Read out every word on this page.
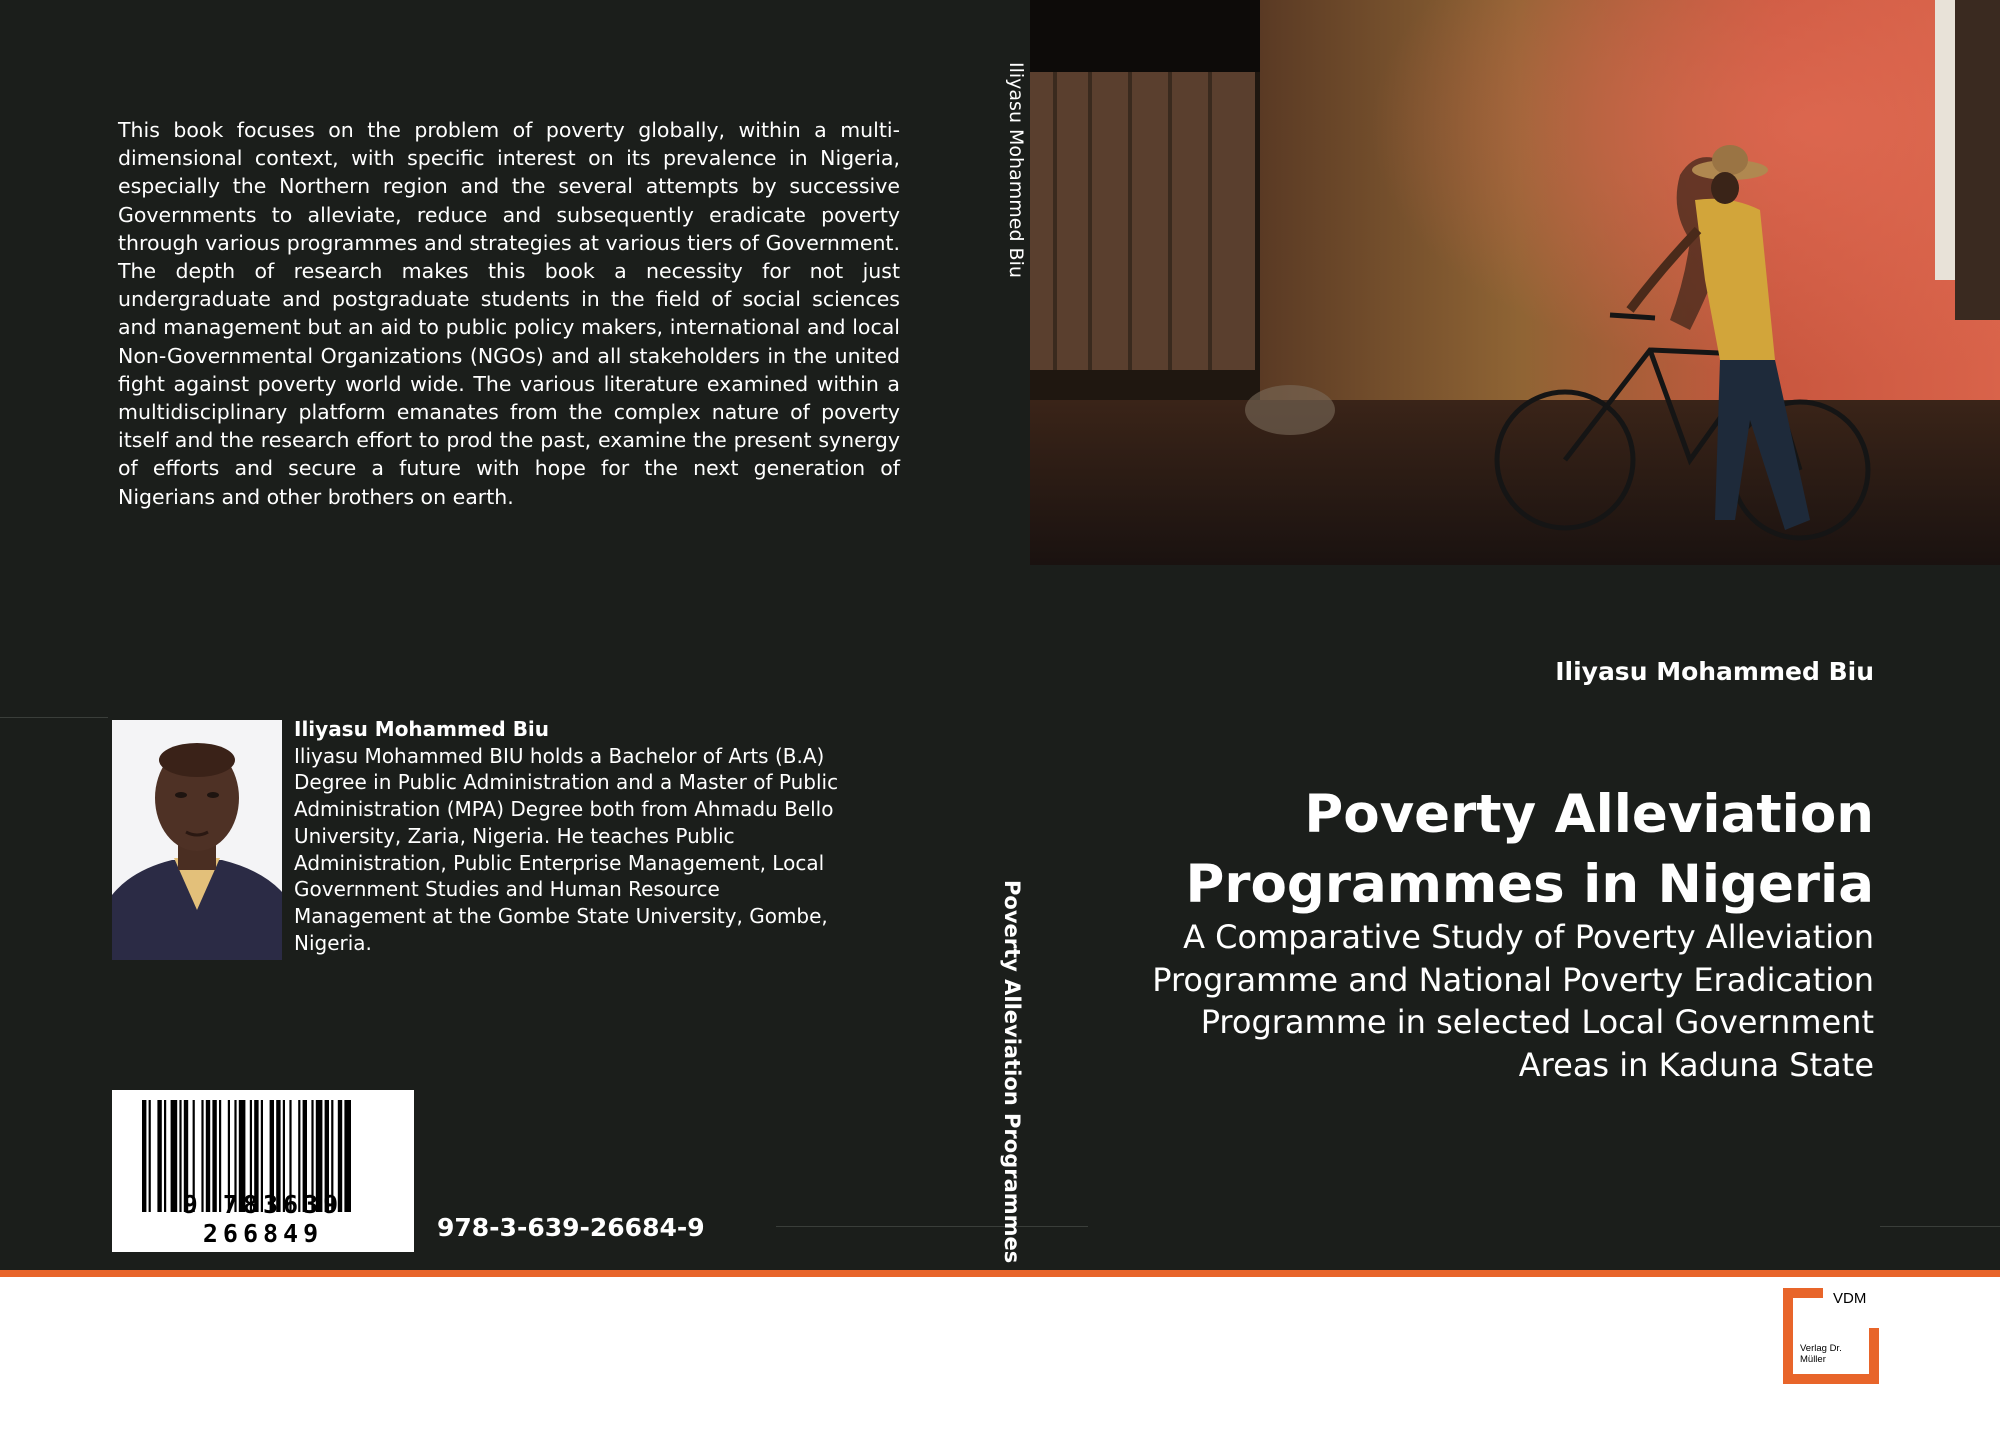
This book focuses on the problem of poverty globally, within a multi-dimensional context, with specific interest on its prevalence in Nigeria, especially the Northern region and the several attempts by successive Governments to alleviate, reduce and subsequently eradicate poverty through various programmes and strategies at various tiers of Government. The depth of research makes this book a necessity for not just undergraduate and postgraduate students in the field of social sciences and management but an aid to public policy makers, international and local Non-Governmental Organizations (NGOs) and all stakeholders in the united fight against poverty world wide. The various literature examined within a multidisciplinary platform emanates from the complex nature of poverty itself and the research effort to prod the past, examine the present synergy of efforts and secure a future with hope for the next generation of Nigerians and other brothers on earth.
Iliyasu Mohammed Biu
Iliyasu Mohammed BIU holds a Bachelor of Arts (B.A) Degree in Public Administration and a Master of Public Administration (MPA) Degree both from Ahmadu Bello University, Zaria, Nigeria. He teaches Public Administration, Public Enterprise Management, Local Government Studies and Human Resource Management at the Gombe State University, Gombe, Nigeria.
9 783639 266849	978-3-639-26684-9
Iliyasu Mohammed Biu
Poverty Alleviation Programmes
Iliyasu Mohammed Biu
Poverty Alleviation Programmes in Nigeria
A Comparative Study of Poverty Alleviation Programme and National Poverty Eradication Programme in selected Local Government Areas in Kaduna State
VDM
Verlag Dr. Müller
